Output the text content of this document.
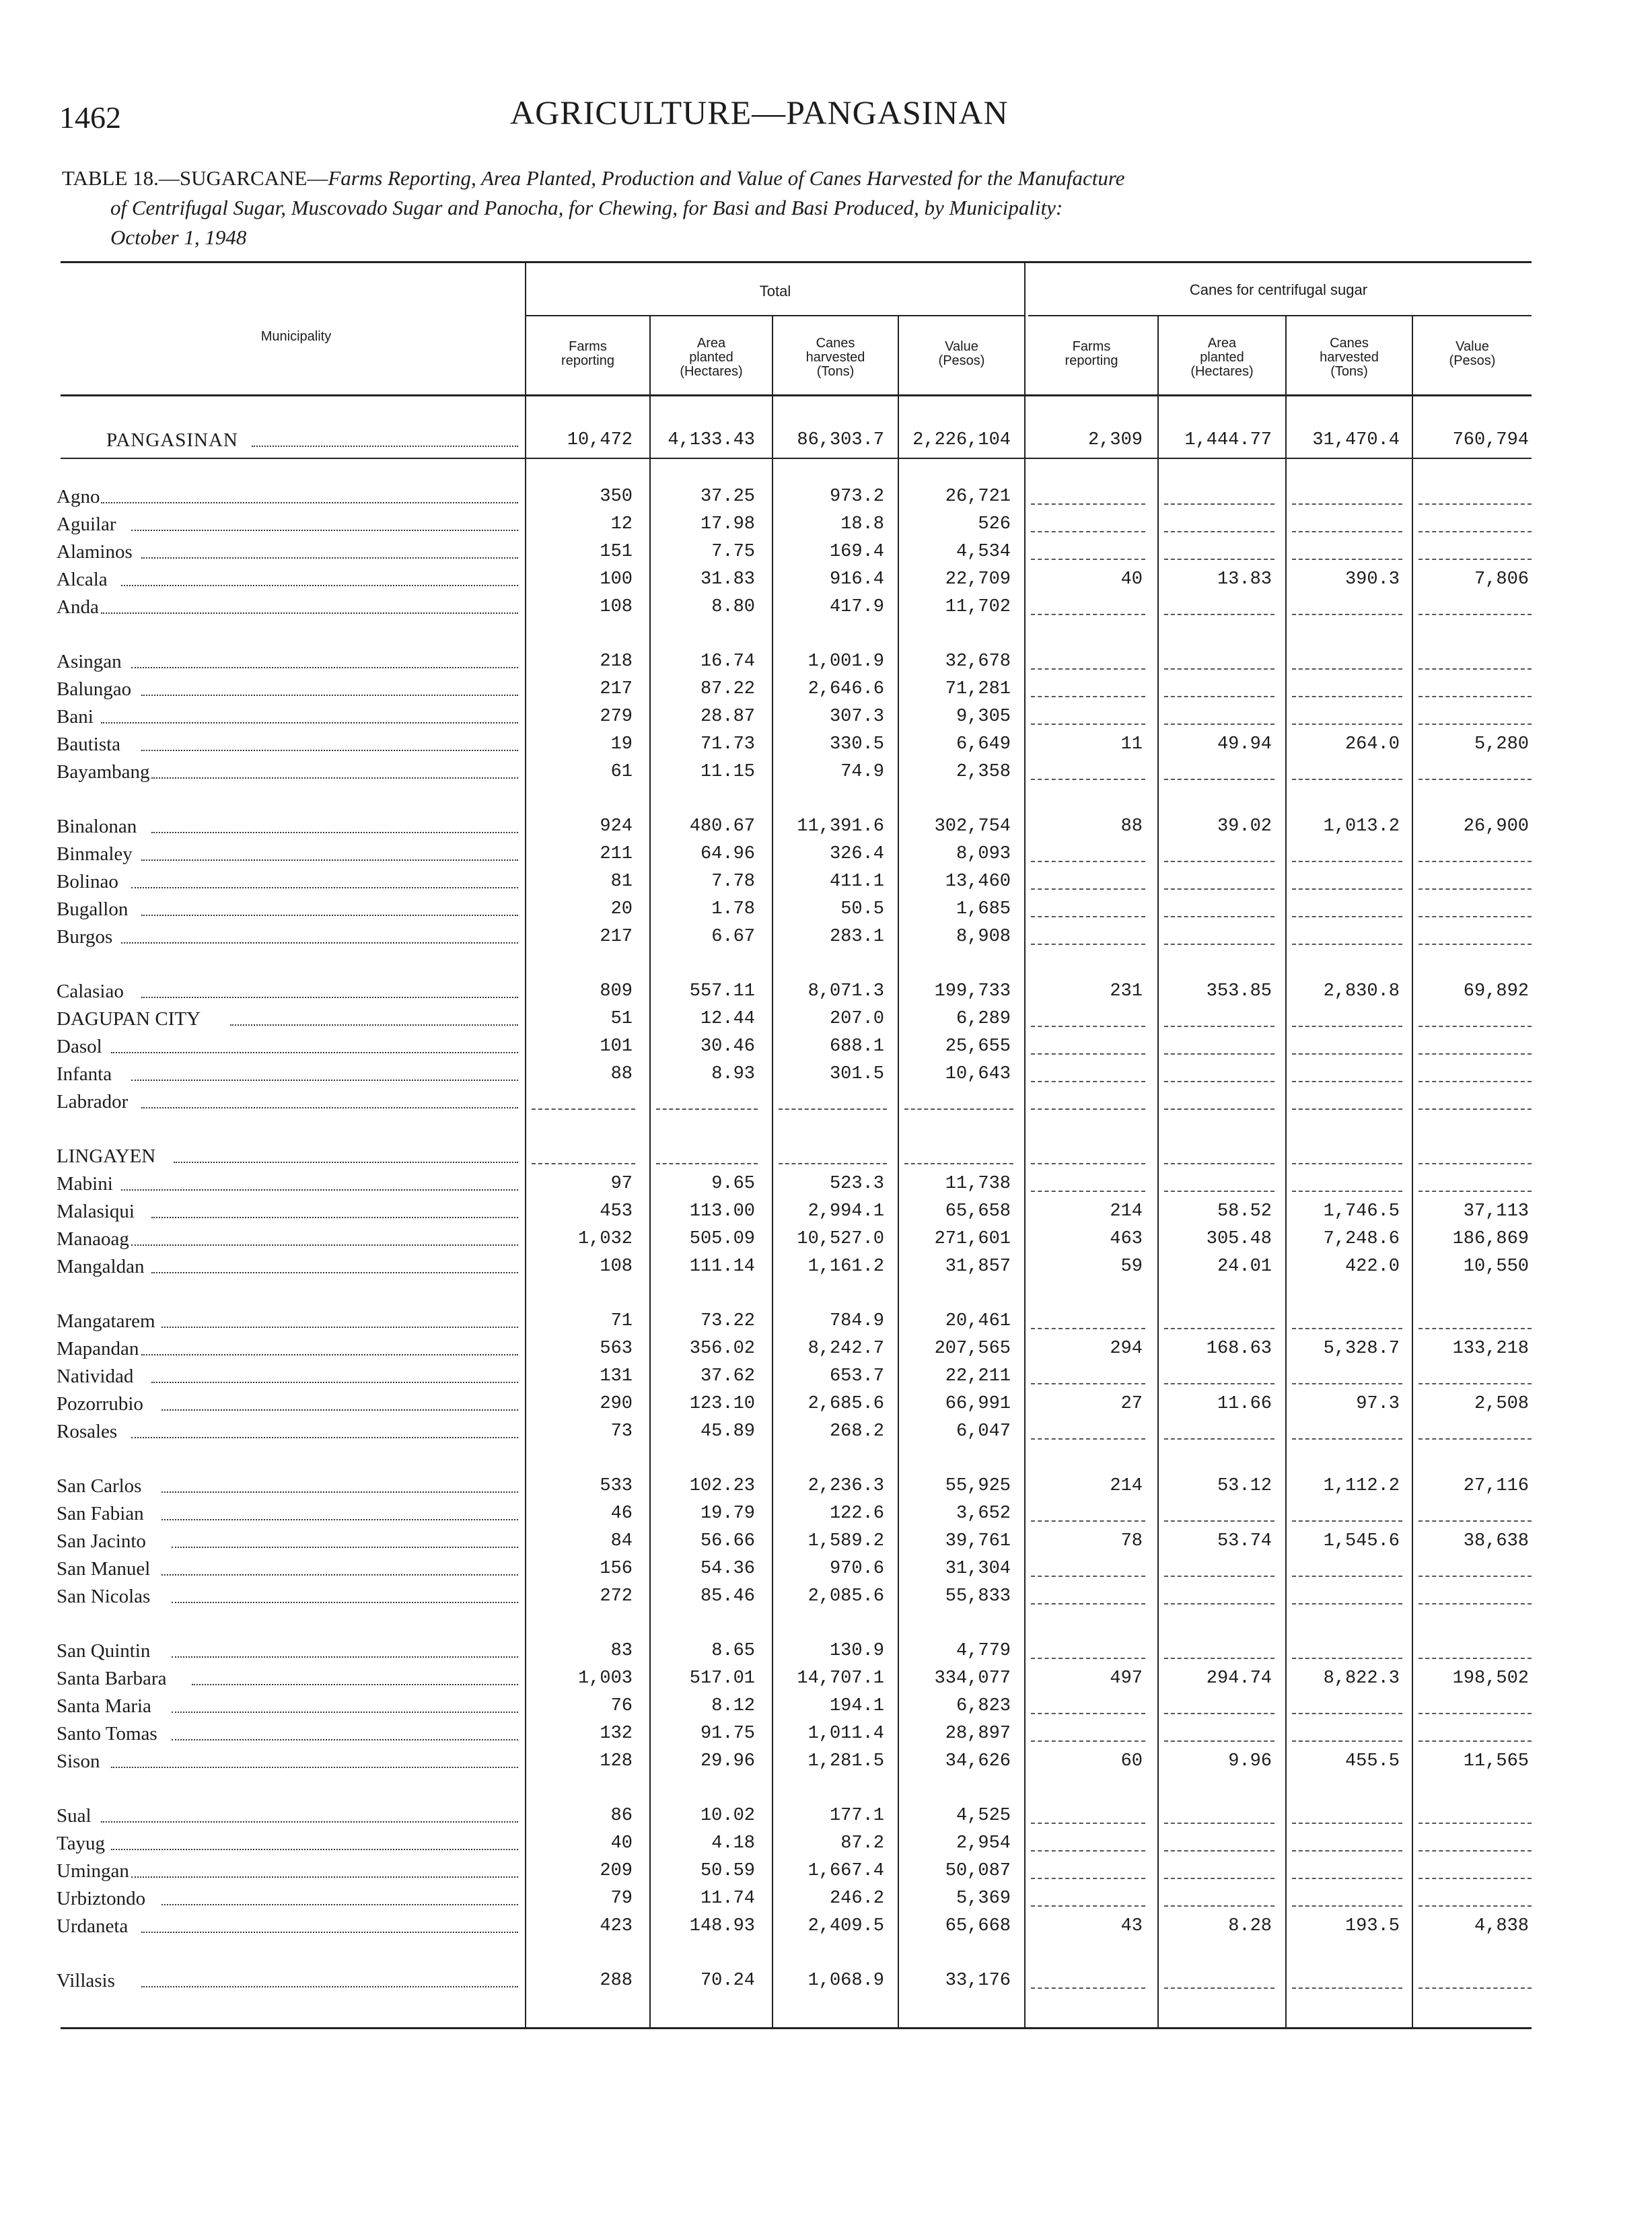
1462	AGRICULTURE—PANGASINAN
TABLE 18.—SUGARCANE—Farms Reporting, Area Planted, Production and Value of Canes Harvested for the Manufacture
of Centrifugal Sugar, Muscovado Sugar and Panocha, for Chewing, for Basi and Basi Produced, by Municipality:
October 1, 1948
Total	Canes for centrifugal sugar
Municipality
Farms
reporting
Area
planted
(Hectares)
Canes
harvested
(Tons)
Value
(Pesos)
Farms
reporting
Area
planted
(Hectares)
Canes
harvested
(Tons)
Value
(Pesos)
PANGASINAN	10,472 4,133.43 86,303.7 2,226,104	2,309 1,444.77 31,470.4	760,794
Agno	350	37.25	973.2	26,721
Aguilar	12	17.98	18.8	526
Alaminos	151	7.75	169.4	4,534
Alcala	100	31.83	916.4	22,709	40	13.83	390.3	7,806
Anda	108	8.80	417.9	11,702
Asingan	218	16.74	1,001.9	32,678
Balungao	217	87.22	2,646.6	71,281
Bani	279	28.87	307.3	9,305
Bautista	19	71.73	330.5	6,649	11	49.94	264.0	5,280
Bayambang	61	11.15	74.9	2,358
Binalonan	924	480.67 11,391.6	302,754	88	39.02	1,013.2	26,900
Binmaley	211	64.96	326.4	8,093
Bolinao	81	7.78	411.1	13,460
Bugallon	20	1.78	50.5	1,685
Burgos	217	6.67	283.1	8,908
Calasiao	809	557.11	8,071.3	199,733	231	353.85	2,830.8	69,892
DAGUPAN CITY	51	12.44	207.0	6,289
Dasol	101	30.46	688.1	25,655
Infanta	88	8.93	301.5	10,643
Labrador
LINGAYEN
Mabini	97	9.65	523.3	11,738
Malasiqui	453	113.00	2,994.1	65,658	214	58.52	1,746.5	37,113
Manaoag	1,032	505.09 10,527.0	271,601	463	305.48	7,248.6	186,869
Mangaldan	108	111.14	1,161.2	31,857	59	24.01	422.0	10,550
Mangatarem	71	73.22	784.9	20,461
Mapandan	563	356.02	8,242.7	207,565	294	168.63	5,328.7	133,218
Natividad	131	37.62	653.7	22,211
Pozorrubio	290	123.10	2,685.6	66,991	27	11.66	97.3	2,508
Rosales	73	45.89	268.2	6,047
San Carlos	533	102.23	2,236.3	55,925	214	53.12	1,112.2	27,116
San Fabian	46	19.79	122.6	3,652
San Jacinto	84	56.66	1,589.2	39,761	78	53.74	1,545.6	38,638
San Manuel	156	54.36	970.6	31,304
San Nicolas	272	85.46	2,085.6	55,833
San Quintin	83	8.65	130.9	4,779
Santa Barbara	1,003	517.01 14,707.1	334,077	497	294.74	8,822.3	198,502
Santa Maria	76	8.12	194.1	6,823
Santo Tomas	132	91.75	1,011.4	28,897
Sison	128	29.96	1,281.5	34,626	60	9.96	455.5	11,565
Sual	86	10.02	177.1	4,525
Tayug	40	4.18	87.2	2,954
Umingan	209	50.59	1,667.4	50,087
Urbiztondo	79	11.74	246.2	5,369
Urdaneta	423	148.93	2,409.5	65,668	43	8.28	193.5	4,838
Villasis	288	70.24	1,068.9	33,176
